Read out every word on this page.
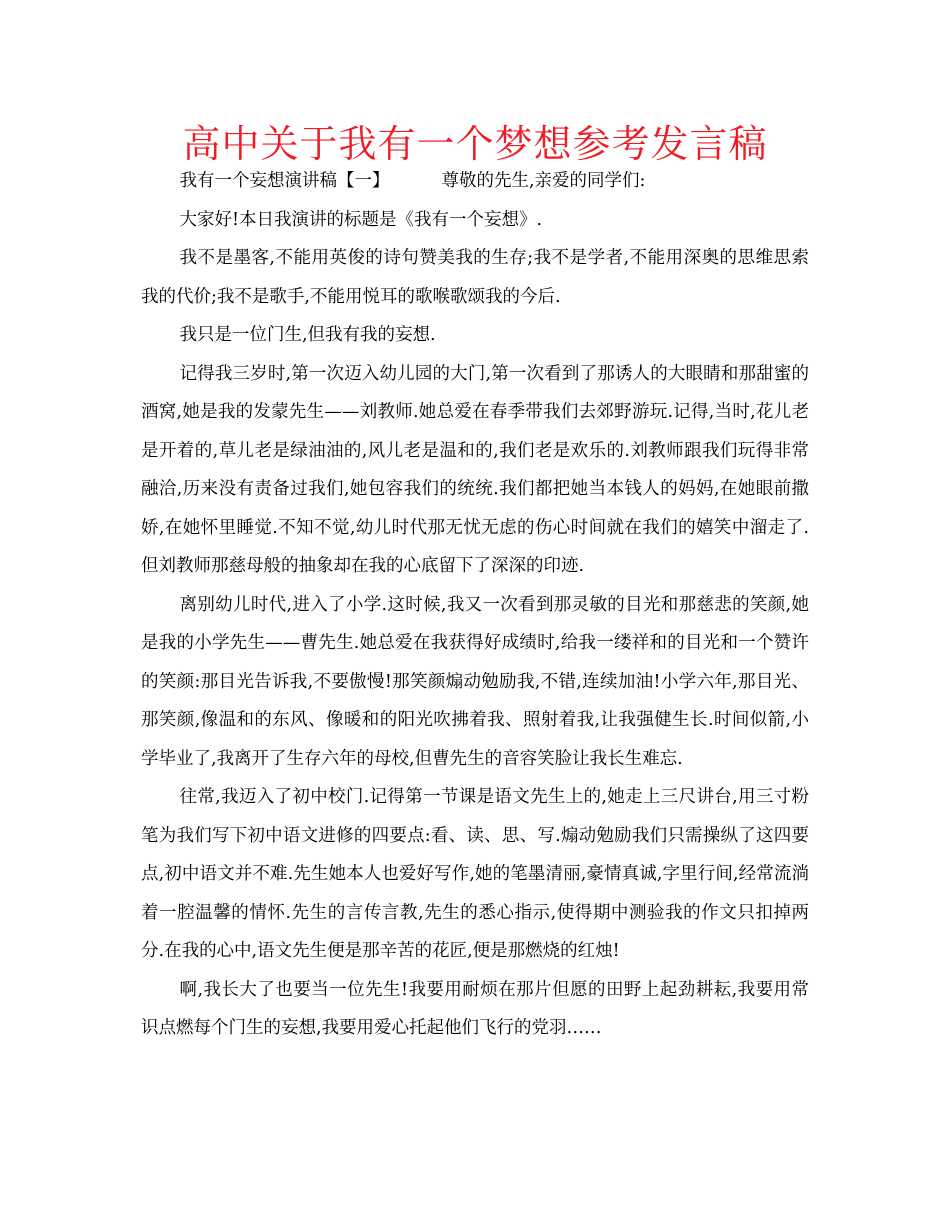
高中关于我有一个梦想参考发言稿

我有一个妄想演讲稿【一】	尊敬的先生,亲爱的同学们:

大家好!本日我演讲的标题是《我有一个妄想》.

我不是墨客,不能用英俊的诗句赞美我的生存;我不是学者,不能用深奥的思维思索我的代价;我不是歌手,不能用悦耳的歌喉歌颂我的今后.

我只是一位门生,但我有我的妄想.

记得我三岁时,第一次迈入幼儿园的大门,第一次看到了那诱人的大眼睛和那甜蜜的酒窝,她是我的发蒙先生——刘教师.她总爱在春季带我们去郊野游玩.记得,当时,花儿老是开着的,草儿老是绿油油的,风儿老是温和的,我们老是欢乐的.刘教师跟我们玩得非常融洽,历来没有责备过我们,她包容我们的统统.我们都把她当本钱人的妈妈,在她眼前撒娇,在她怀里睡觉.不知不觉,幼儿时代那无忧无虑的伤心时间就在我们的嬉笑中溜走了.但刘教师那慈母般的抽象却在我的心底留下了深深的印迹.

离别幼儿时代,进入了小学.这时候,我又一次看到那灵敏的目光和那慈悲的笑颜,她是我的小学先生——曹先生.她总爱在我获得好成绩时,给我一缕祥和的目光和一个赞许的笑颜:那目光告诉我,不要傲慢!那笑颜煽动勉励我,不错,连续加油!小学六年,那目光、那笑颜,像温和的东风、像暖和的阳光吹拂着我、照射着我,让我强健生长.时间似箭,小学毕业了,我离开了生存六年的母校,但曹先生的音容笑脸让我长生难忘.

往常,我迈入了初中校门.记得第一节课是语文先生上的,她走上三尺讲台,用三寸粉笔为我们写下初中语文进修的四要点:看、读、思、写.煽动勉励我们只需操纵了这四要点,初中语文并不难.先生她本人也爱好写作,她的笔墨清丽,豪情真诚,字里行间,经常流淌着一腔温馨的情怀.先生的言传言教,先生的悉心指示,使得期中测验我的作文只扣掉两分.在我的心中,语文先生便是那辛苦的花匠,便是那燃烧的红烛!

啊,我长大了也要当一位先生!我要用耐烦在那片但愿的田野上起劲耕耘,我要用常识点燃每个门生的妄想,我要用爱心托起他们飞行的党羽……
